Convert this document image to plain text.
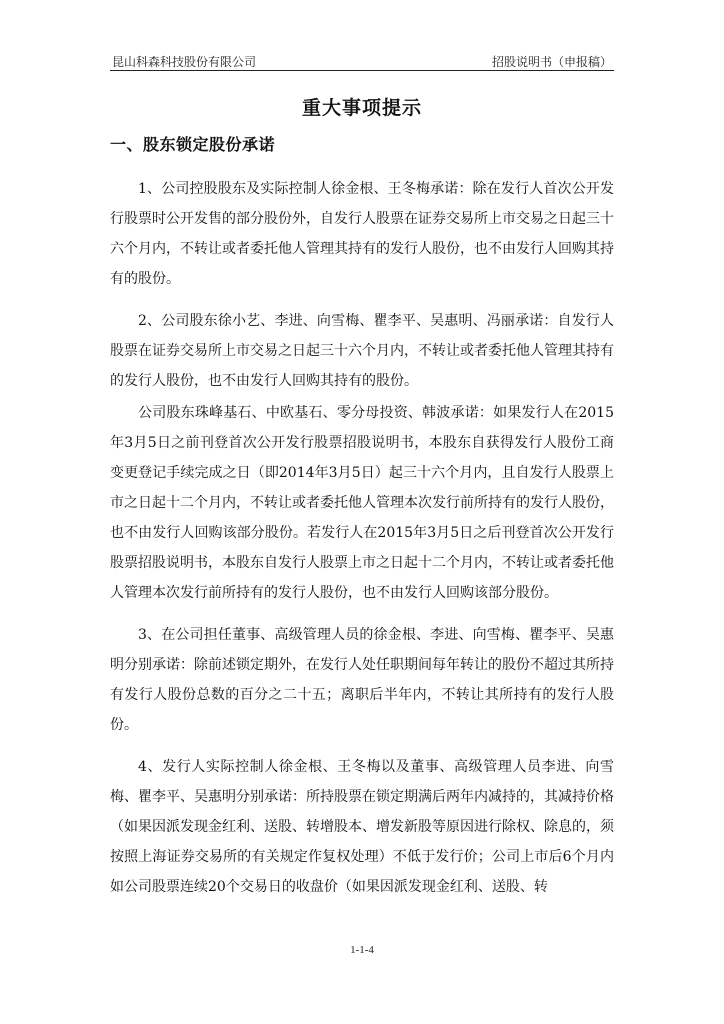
昆山科森科技股份有限公司	招股说明书（申报稿）
重大事项提示
一、股东锁定股份承诺

1、公司控股股东及实际控制人徐金根、王冬梅承诺：除在发行人首次公开发行股票时公开发售的部分股份外，自发行人股票在证券交易所上市交易之日起三十六个月内，不转让或者委托他人管理其持有的发行人股份，也不由发行人回购其持有的股份。

2、公司股东徐小艺、李进、向雪梅、瞿李平、吴惠明、冯丽承诺：自发行人股票在证券交易所上市交易之日起三十六个月内，不转让或者委托他人管理其持有的发行人股份，也不由发行人回购其持有的股份。

公司股东珠峰基石、中欧基石、零分母投资、韩波承诺：如果发行人在2015年3月5日之前刊登首次公开发行股票招股说明书，本股东自获得发行人股份工商变更登记手续完成之日（即2014年3月5日）起三十六个月内，且自发行人股票上市之日起十二个月内，不转让或者委托他人管理本次发行前所持有的发行人股份，也不由发行人回购该部分股份。若发行人在2015年3月5日之后刊登首次公开发行股票招股说明书，本股东自发行人股票上市之日起十二个月内，不转让或者委托他人管理本次发行前所持有的发行人股份，也不由发行人回购该部分股份。

3、在公司担任董事、高级管理人员的徐金根、李进、向雪梅、瞿李平、吴惠明分别承诺：除前述锁定期外，在发行人处任职期间每年转让的股份不超过其所持有发行人股份总数的百分之二十五；离职后半年内，不转让其所持有的发行人股份。

4、发行人实际控制人徐金根、王冬梅以及董事、高级管理人员李进、向雪梅、瞿李平、吴惠明分别承诺：所持股票在锁定期满后两年内减持的，其减持价格（如果因派发现金红利、送股、转增股本、增发新股等原因进行除权、除息的，须按照上海证券交易所的有关规定作复权处理）不低于发行价；公司上市后6个月内如公司股票连续20个交易日的收盘价（如果因派发现金红利、送股、转

1-1-4
